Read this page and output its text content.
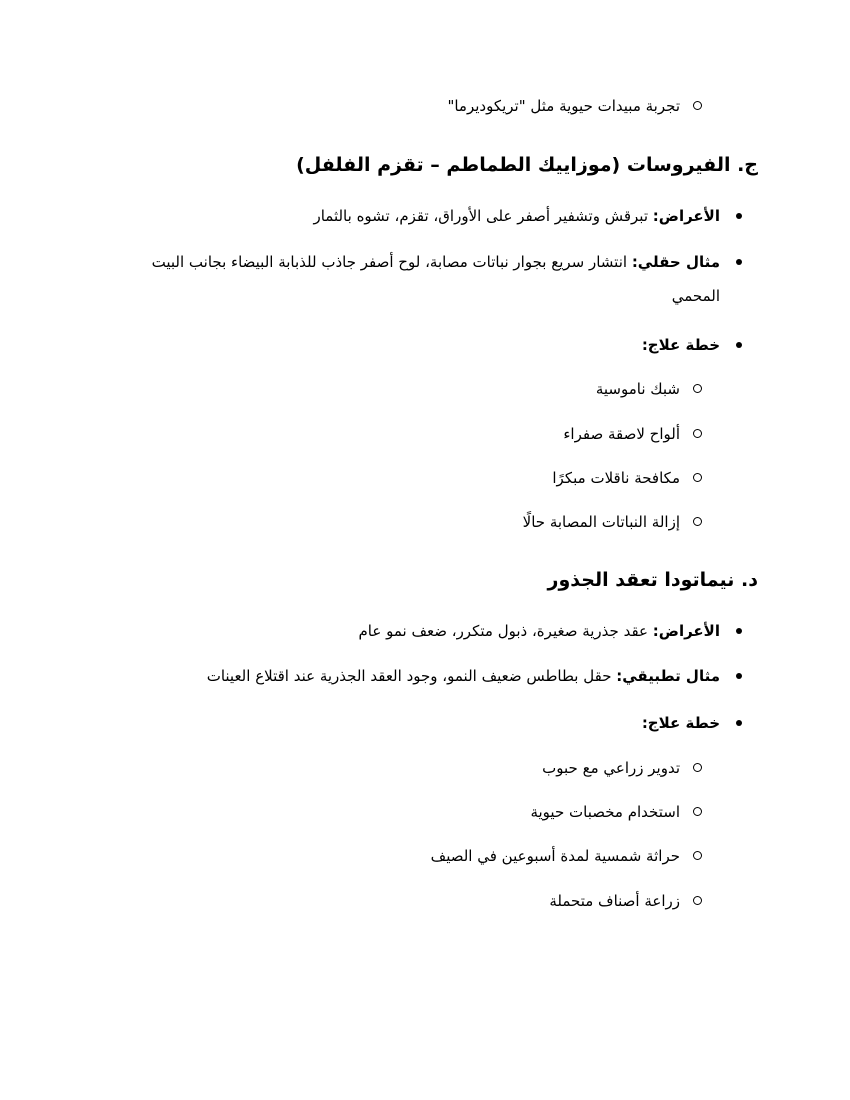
تجربة مبيدات حيوية مثل "تريكوديرما"
ج. الفيروسات (موزاييك الطماطم – تقزم الفلفل)
الأعراض: تبرقش وتشفير أصفر على الأوراق، تقزم، تشوه بالثمار
مثال حقلي: انتشار سريع بجوار نباتات مصابة، لوح أصفر جاذب للذبابة البيضاء بجانب البيت المحمي
خطة علاج:
شبك ناموسية
ألواح لاصقة صفراء
مكافحة ناقلات مبكرًا
إزالة النباتات المصابة حالًا
د. نيماتودا تعقد الجذور
الأعراض: عقد جذرية صغيرة، ذبول متكرر، ضعف نمو عام
مثال تطبيقي: حقل بطاطس ضعيف النمو، وجود العقد الجذرية عند اقتلاع العينات
خطة علاج:
تدوير زراعي مع حبوب
استخدام مخصبات حيوية
حراثة شمسية لمدة أسبوعين في الصيف
زراعة أصناف متحملة
